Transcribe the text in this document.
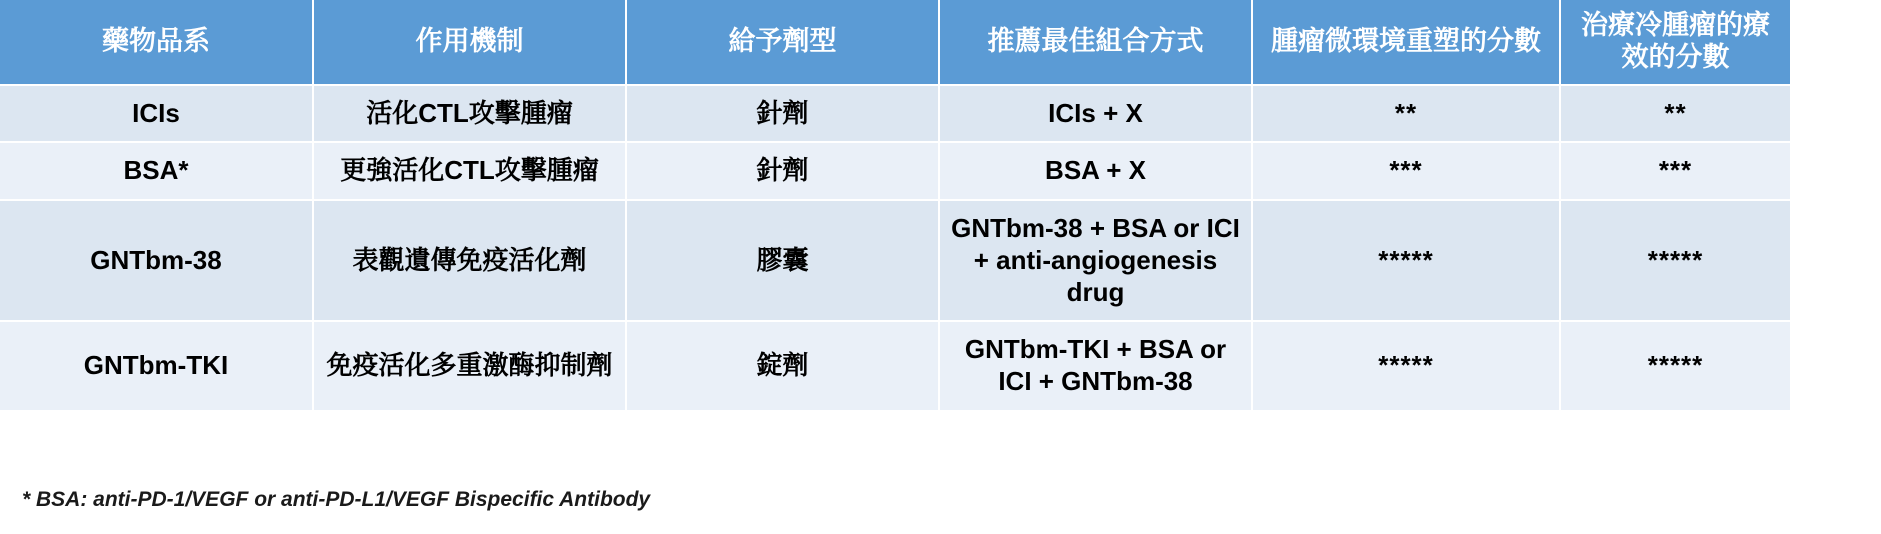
藥物品系	作用機制	給予劑型	推薦最佳組合方式	腫瘤微環境重塑的分數	治療冷腫瘤的療效的分數
ICIs	活化CTL攻擊腫瘤	針劑	ICIs + X	**	**
BSA*	更強活化CTL攻擊腫瘤	針劑	BSA + X	***	***
GNTbm-38	表觀遺傳免疫活化劑	膠囊	GNTbm-38 + BSA or ICI + anti-angiogenesis drug	*****	*****
GNTbm-TKI	免疫活化多重激酶抑制劑	錠劑	GNTbm-TKI + BSA or ICI + GNTbm-38	*****	*****
* BSA: anti-PD-1/VEGF or anti-PD-L1/VEGF Bispecific Antibody
